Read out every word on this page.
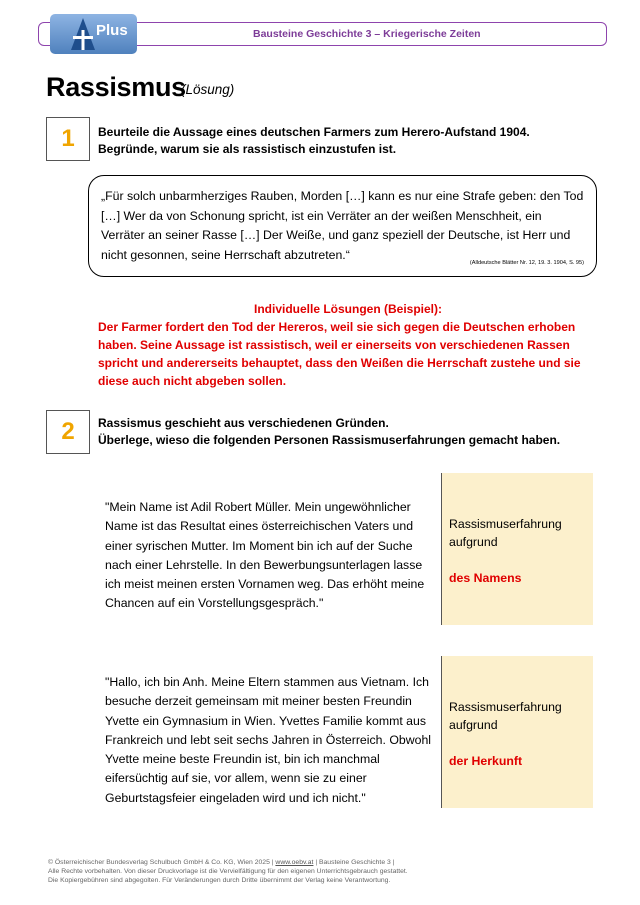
Bausteine Geschichte 3 – Kriegerische Zeiten
Plus
Rassismus
(Lösung)
1	Beurteile die Aussage eines deutschen Farmers zum Herero-Aufstand 1904.
Begründe, warum sie als rassistisch einzustufen ist.
„Für solch unbarmherziges Rauben, Morden […] kann es nur eine Strafe geben: den Tod […] Wer da von Schonung spricht, ist ein Verräter an der weißen Menschheit, ein Verräter an seiner Rasse […] Der Weiße, und ganz speziell der Deutsche, ist Herr und nicht gesonnen, seine Herrschaft abzutreten.“
(Alldeutsche Blätter Nr. 12, 19. 3. 1904, S. 95)
Individuelle Lösungen (Beispiel):
Der Farmer fordert den Tod der Hereros, weil sie sich gegen die Deutschen erhoben haben. Seine Aussage ist rassistisch, weil er einerseits von verschiedenen Rassen spricht und andererseits behauptet, dass den Weißen die Herrschaft zustehe und sie diese auch nicht abgeben sollen.
2	Rassismus geschieht aus verschiedenen Gründen.
Überlege, wieso die folgenden Personen Rassismuserfahrungen gemacht haben.
"Mein Name ist Adil Robert Müller. Mein ungewöhnlicher Name ist das Resultat eines österreichischen Vaters und einer syrischen Mutter. Im Moment bin ich auf der Suche nach einer Lehrstelle. In den Bewerbungsunterlagen lasse ich meist meinen ersten Vornamen weg. Das erhöht meine Chancen auf ein Vorstellungsgespräch."
Rassismuserfahrung aufgrund
des Namens
"Hallo, ich bin Anh. Meine Eltern stammen aus Vietnam. Ich besuche derzeit gemeinsam mit meiner besten Freundin Yvette ein Gymnasium in Wien. Yvettes Familie kommt aus Frankreich und lebt seit sechs Jahren in Österreich. Obwohl Yvette meine beste Freundin ist, bin ich manchmal eifersüchtig auf sie, vor allem, wenn sie zu einer Geburtstagsfeier eingeladen wird und ich nicht."
Rassismuserfahrung aufgrund
der Herkunft
© Österreichischer Bundesverlag Schulbuch GmbH & Co. KG, Wien 2025 | www.oebv.at | Bausteine Geschichte 3 |
Alle Rechte vorbehalten. Von dieser Druckvorlage ist die Vervielfältigung für den eigenen Unterrichtsgebrauch gestattet.
Die Kopiergebühren sind abgegolten. Für Veränderungen durch Dritte übernimmt der Verlag keine Verantwortung.
